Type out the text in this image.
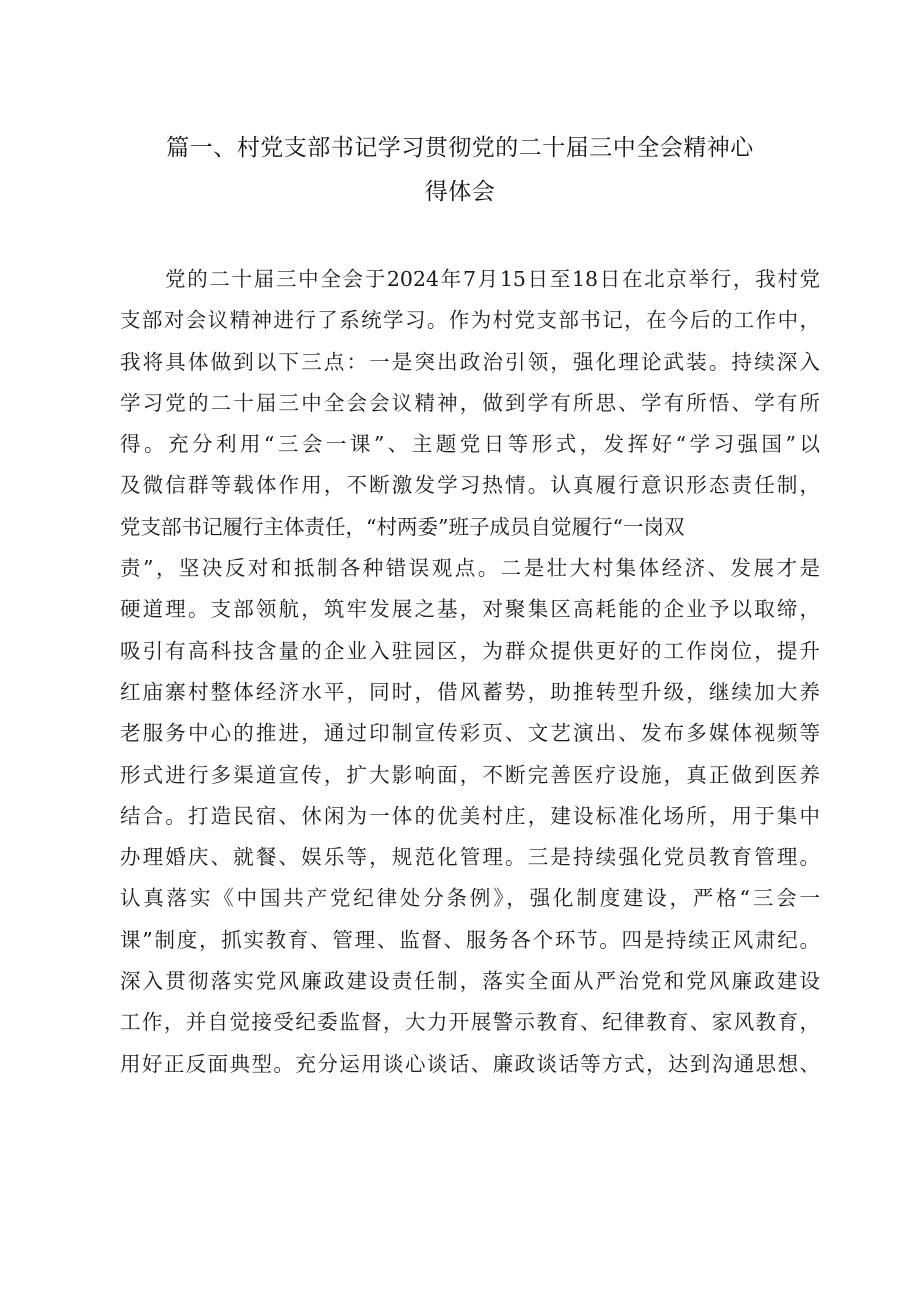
篇一、村党支部书记学习贯彻党的二十届三中全会精神心
得体会
党的二十届三中全会于2024年7月15日至18日在北京举行，我村党
支部对会议精神进行了系统学习。作为村党支部书记，在今后的工作中，
我将具体做到以下三点：一是突出政治引领，强化理论武装。持续深入
学习党的二十届三中全会会议精神，做到学有所思、学有所悟、学有所
得。充分利用“三会一课”、主题党日等形式，发挥好“学习强国”以
及微信群等载体作用，不断激发学习热情。认真履行意识形态责任制，
党支部书记履行主体责任，“村两委”班子成员自觉履行“一岗双
责”，坚决反对和抵制各种错误观点。二是壮大村集体经济、发展才是
硬道理。支部领航，筑牢发展之基，对聚集区高耗能的企业予以取缔，
吸引有高科技含量的企业入驻园区，为群众提供更好的工作岗位，提升
红庙寨村整体经济水平，同时，借风蓄势，助推转型升级，继续加大养
老服务中心的推进，通过印制宣传彩页、文艺演出、发布多媒体视频等
形式进行多渠道宣传，扩大影响面，不断完善医疗设施，真正做到医养
结合。打造民宿、休闲为一体的优美村庄，建设标准化场所，用于集中
办理婚庆、就餐、娱乐等，规范化管理。三是持续强化党员教育管理。
认真落实《中国共产党纪律处分条例》，强化制度建设，严格“三会一
课”制度，抓实教育、管理、监督、服务各个环节。四是持续正风肃纪。
深入贯彻落实党风廉政建设责任制，落实全面从严治党和党风廉政建设
工作，并自觉接受纪委监督，大力开展警示教育、纪律教育、家风教育，
用好正反面典型。充分运用谈心谈话、廉政谈话等方式，达到沟通思想、
